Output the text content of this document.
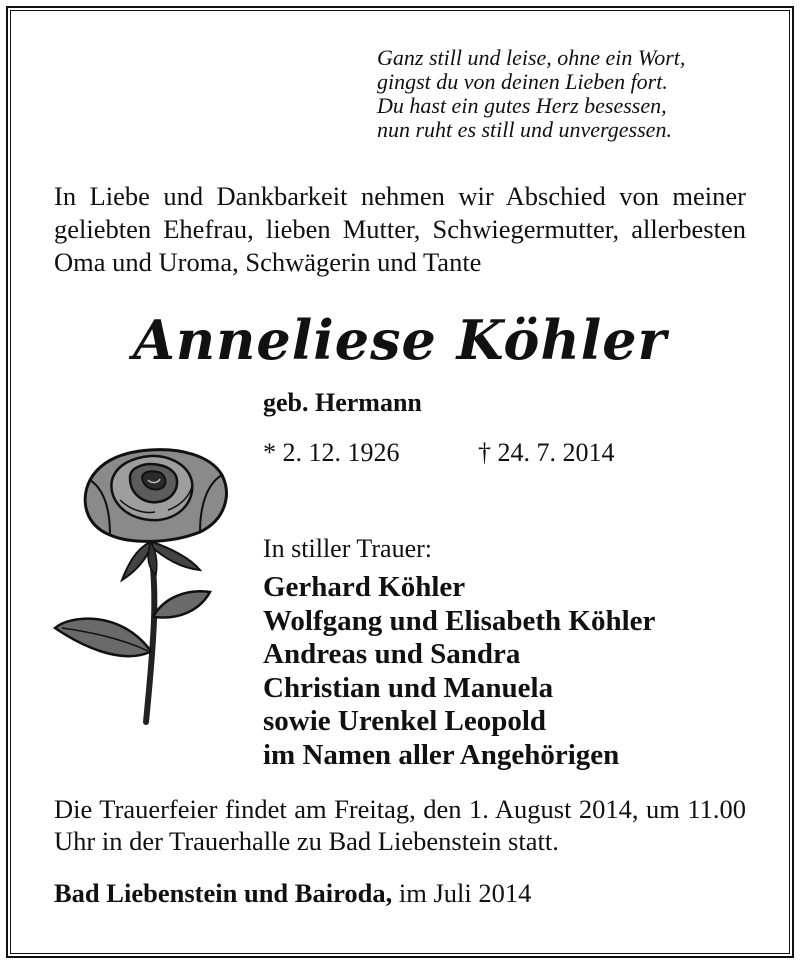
Ganz still und leise, ohne ein Wort,
gingst du von deinen Lieben fort.
Du hast ein gutes Herz besessen,
nun ruht es still und unvergessen.
In Liebe und Dankbarkeit nehmen wir Abschied von meiner geliebten Ehefrau, lieben Mutter, Schwiegermutter, allerbesten Oma und Uroma, Schwägerin und Tante
Anneliese Köhler
geb. Hermann
* 2. 12. 1926	† 24. 7. 2014
In stiller Trauer:
Gerhard Köhler
Wolfgang und Elisabeth Köhler
Andreas und Sandra
Christian und Manuela
sowie Urenkel Leopold
im Namen aller Angehörigen
Die Trauerfeier findet am Freitag, den 1. August 2014, um 11.00 Uhr in der Trauerhalle zu Bad Liebenstein statt.
Bad Liebenstein und Bairoda, im Juli 2014
